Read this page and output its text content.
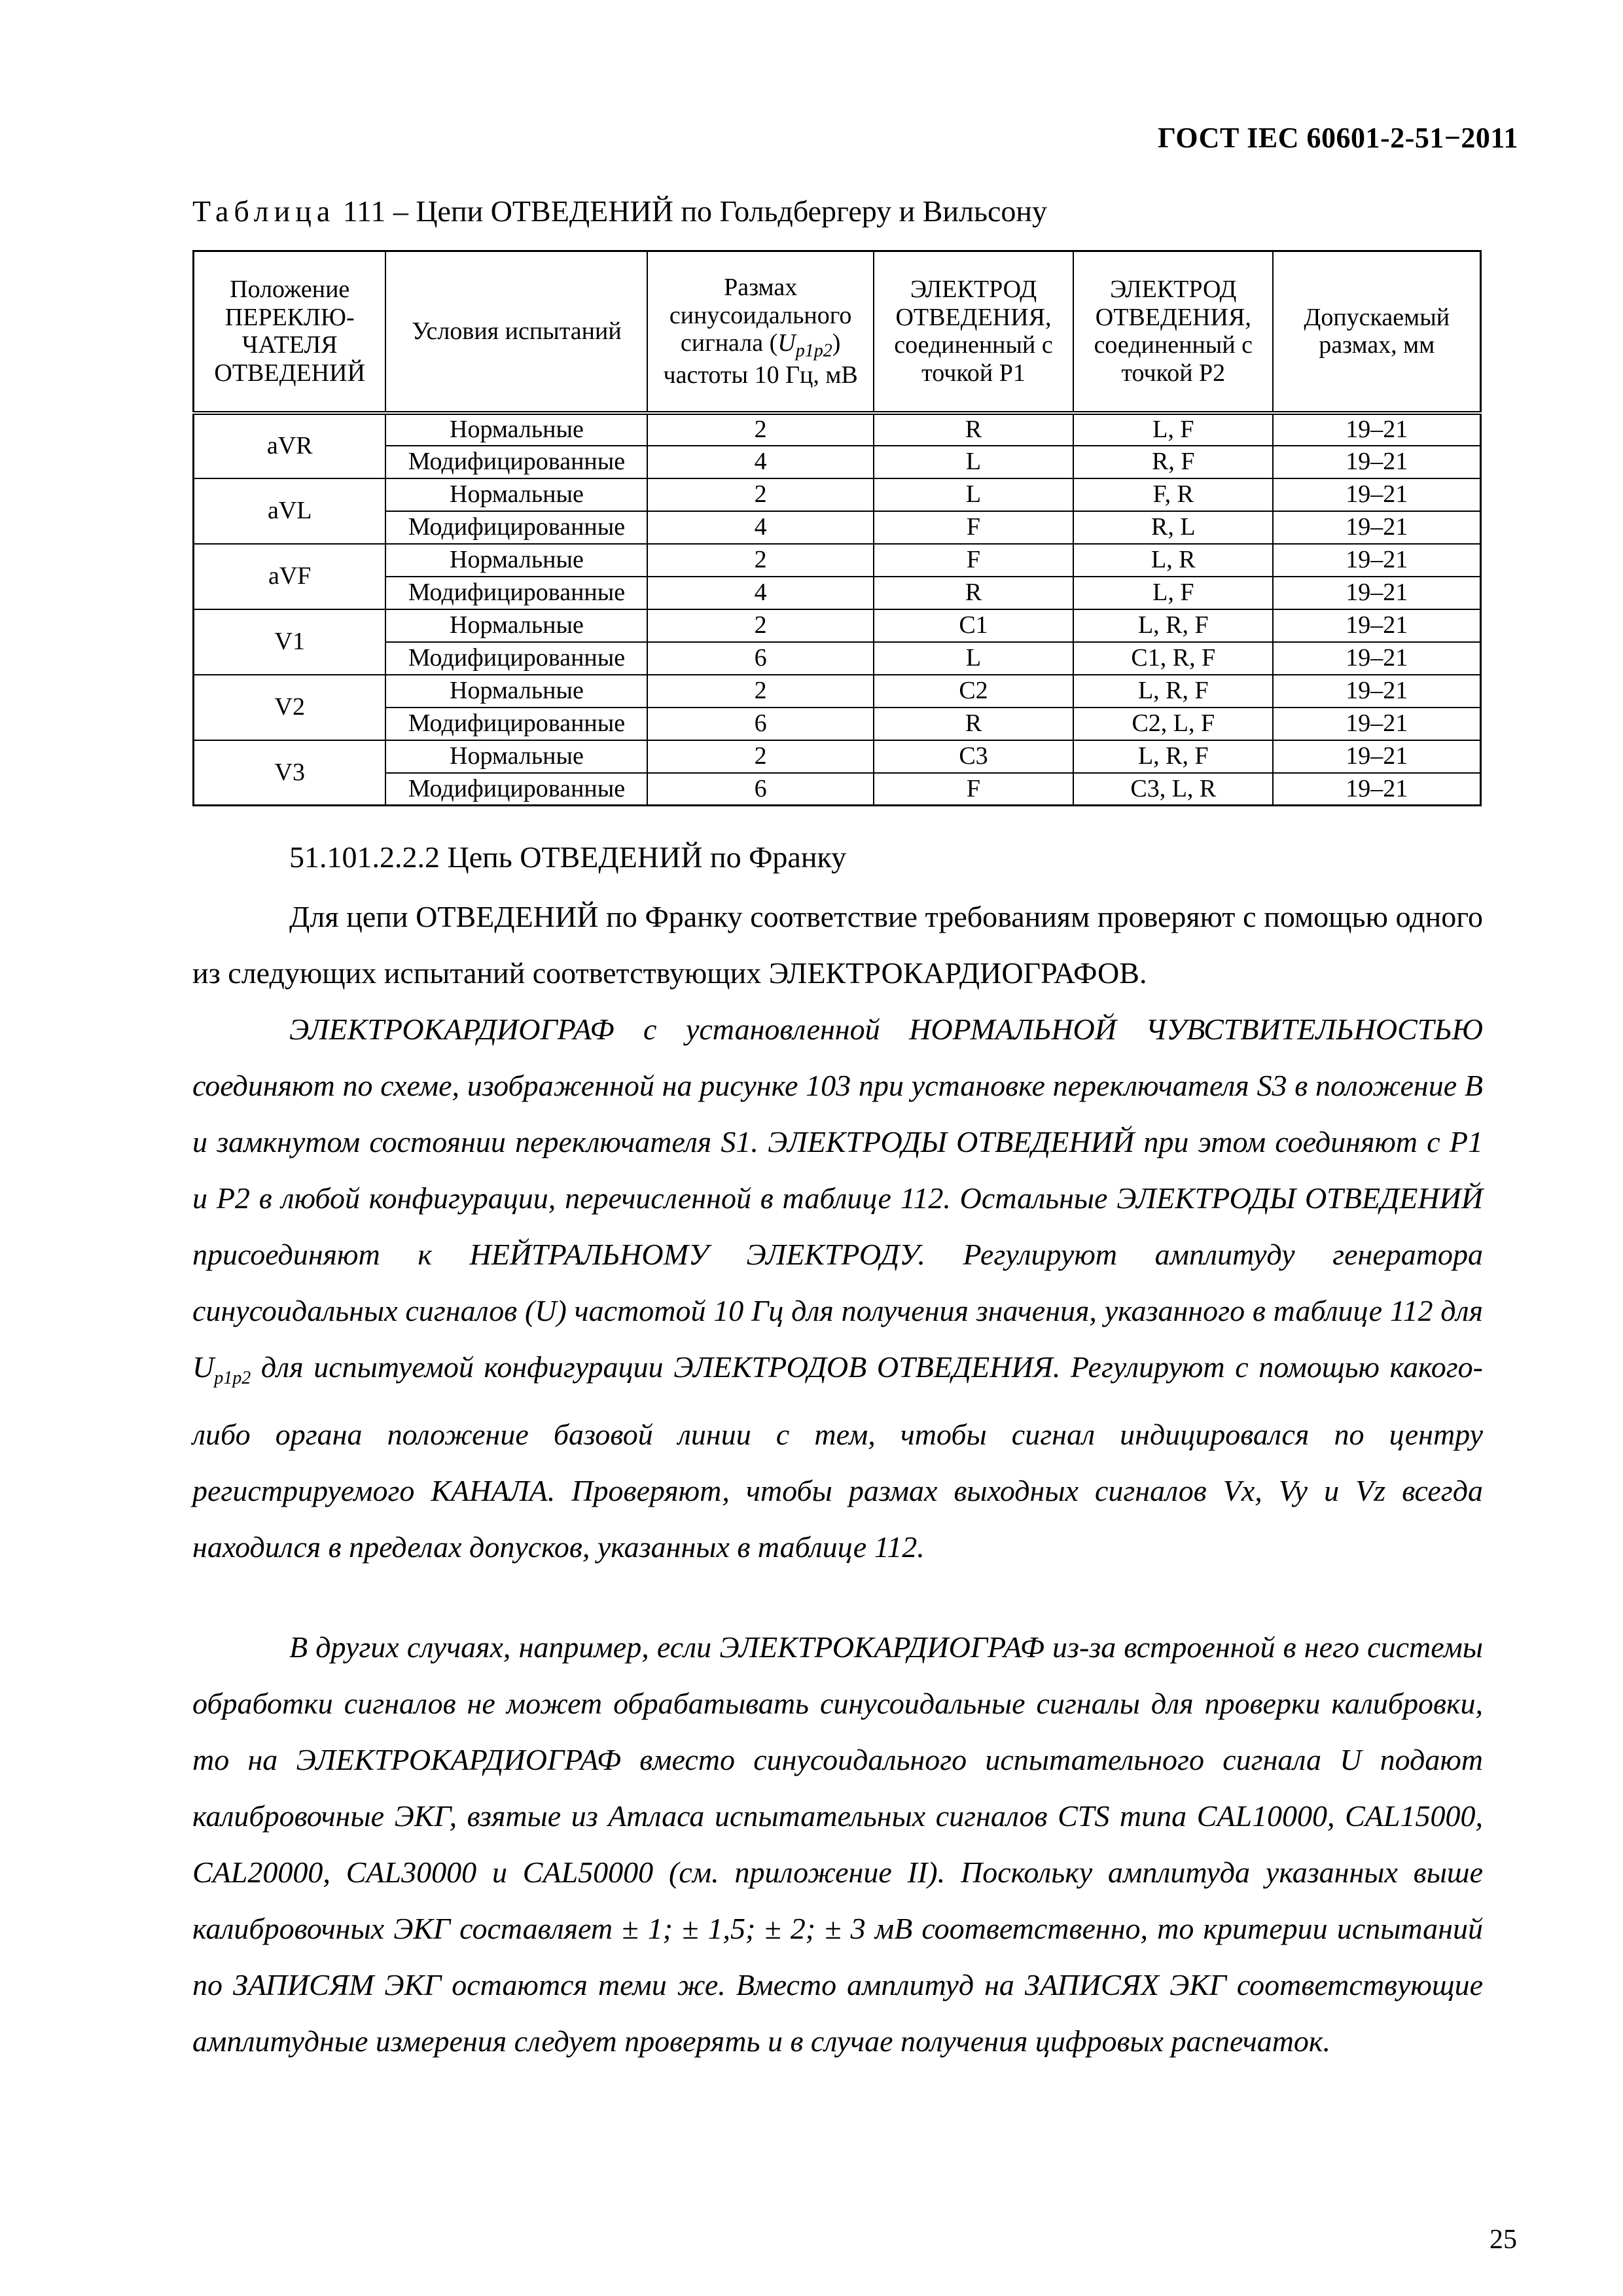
ГОСТ IEC 60601-2-51−2011
Таблица 111 – Цепи ОТВЕДЕНИЙ по Гольдбергеру и Вильсону
Положение ПЕРЕКЛЮ-ЧАТЕЛЯ ОТВЕДЕНИЙ	Условия испытаний	Размах синусоидального сигнала $(U_{p1p2})$ частоты 10 Гц, мВ	ЭЛЕКТРОД ОТВЕДЕНИЯ, соединенный с точкой Р1	ЭЛЕКТРОД ОТВЕДЕНИЯ, соединенный с точкой Р2	Допускаемый размах, мм
aVR	Нормальные	2	R	L, F	19–21
	Модифицированные	4	L	R, F	19–21
aVL	Нормальные	2	L	F, R	19–21
	Модифицированные	4	F	R, L	19–21
aVF	Нормальные	2	F	L, R	19–21
	Модифицированные	4	R	L, F	19–21
V1	Нормальные	2	C1	L, R, F	19–21
	Модифицированные	6	L	C1, R, F	19–21
V2	Нормальные	2	C2	L, R, F	19–21
	Модифицированные	6	R	C2, L, F	19–21
V3	Нормальные	2	C3	L, R, F	19–21
	Модифицированные	6	F	C3, L, R	19–21
51.101.2.2.2 Цепь ОТВЕДЕНИЙ по Франку

Для цепи ОТВЕДЕНИЙ по Франку соответствие требованиям проверяют с помощью одного из следующих испытаний соответствующих ЭЛЕКТРОКАРДИОГРАФОВ.

ЭЛЕКТРОКАРДИОГРАФ с установленной НОРМАЛЬНОЙ ЧУВСТВИТЕЛЬНОСТЬЮ соединяют по схеме, изображенной на рисунке 103 при установке переключателя S3 в положение B и замкнутом состоянии переключателя S1. ЭЛЕКТРОДЫ ОТВЕДЕНИЙ при этом соединяют с P1 и P2 в любой конфигурации, перечисленной в таблице 112. Остальные ЭЛЕКТРОДЫ ОТВЕДЕНИЙ присоединяют к НЕЙТРАЛЬНОМУ ЭЛЕКТРОДУ. Регулируют амплитуду генератора синусоидальных сигналов (U) частотой 10 Гц для получения значения, указанного в таблице 112 для $U_{p1p2}$ для испытуемой конфигурации ЭЛЕКТРОДОВ ОТВЕДЕНИЯ. Регулируют с помощью какого-либо органа положение базовой линии с тем, чтобы сигнал индицировался по центру регистрируемого КАНАЛА. Проверяют, чтобы размах выходных сигналов Vx, Vy и Vz всегда находился в пределах допусков, указанных в таблице 112.

В других случаях, например, если ЭЛЕКТРОКАРДИОГРАФ из-за встроенной в него системы обработки сигналов не может обрабатывать синусоидальные сигналы для проверки калибровки, то на ЭЛЕКТРОКАРДИОГРАФ вместо синусоидального испытательного сигнала U подают калибровочные ЭКГ, взятые из Атласа испытательных сигналов CTS типа CAL10000, CAL15000, CAL20000, CAL30000 и CAL50000 (см. приложение II). Поскольку амплитуда указанных выше калибровочных ЭКГ составляет ± 1; ± 1,5; ± 2; ± 3 мВ соответственно, то критерии испытаний по ЗАПИСЯМ ЭКГ остаются теми же. Вместо амплитуд на ЗАПИСЯХ ЭКГ соответствующие амплитудные измерения следует проверять и в случае получения цифровых распечаток.

25
